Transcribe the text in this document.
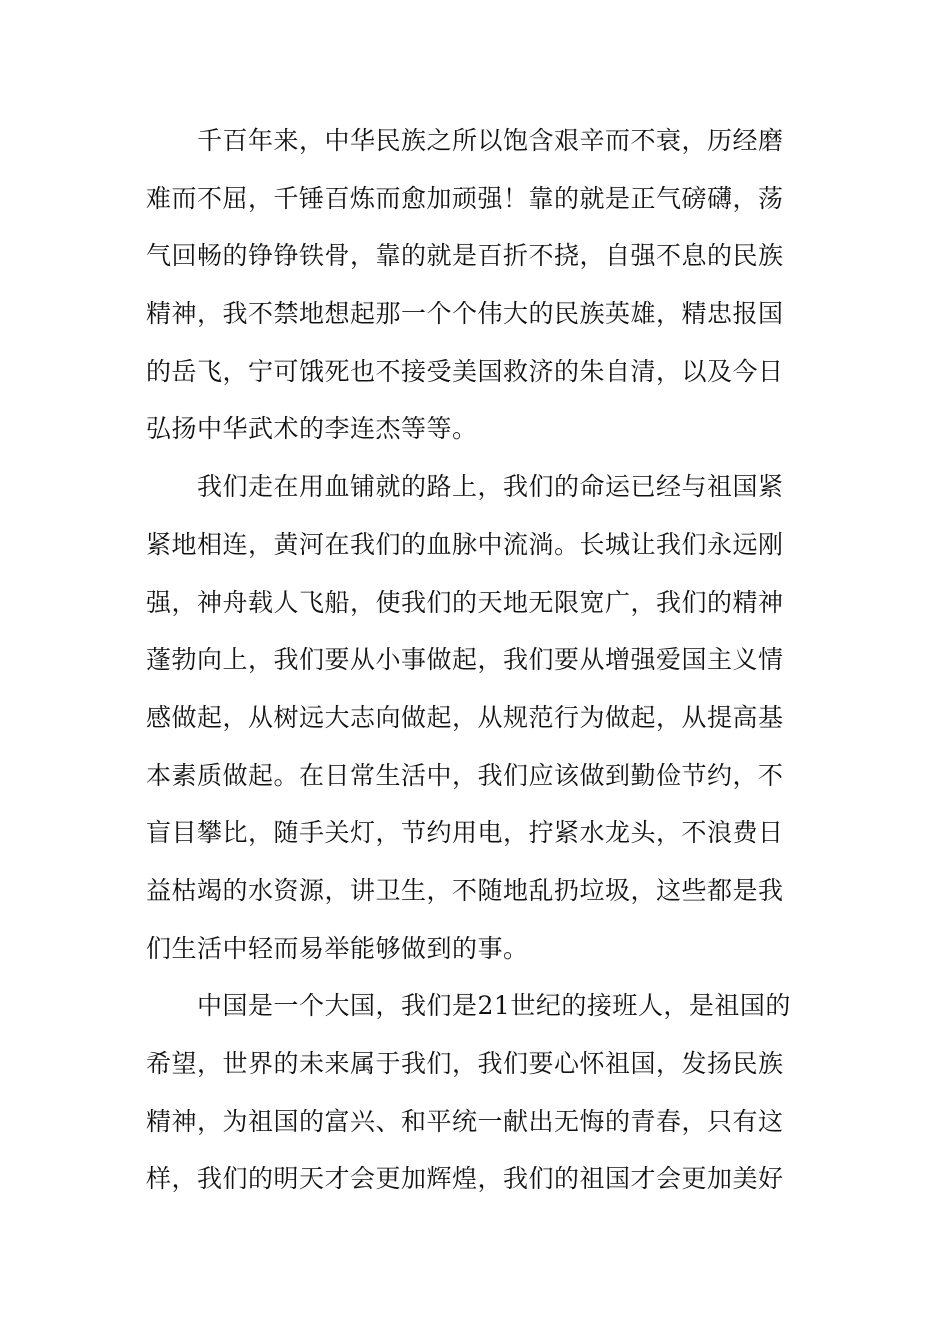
千百年来，中华民族之所以饱含艰辛而不衰，历经磨
难而不屈，千锤百炼而愈加顽强！靠的就是正气磅礴，荡
气回畅的铮铮铁骨，靠的就是百折不挠，自强不息的民族
精神，我不禁地想起那一个个伟大的民族英雄，精忠报国
的岳飞，宁可饿死也不接受美国救济的朱自清，以及今日
弘扬中华武术的李连杰等等。
我们走在用血铺就的路上，我们的命运已经与祖国紧
紧地相连，黄河在我们的血脉中流淌。长城让我们永远刚
强，神舟载人飞船，使我们的天地无限宽广，我们的精神
蓬勃向上，我们要从小事做起，我们要从增强爱国主义情
感做起，从树远大志向做起，从规范行为做起，从提高基
本素质做起。在日常生活中，我们应该做到勤俭节约，不
盲目攀比，随手关灯，节约用电，拧紧水龙头，不浪费日
益枯竭的水资源，讲卫生，不随地乱扔垃圾，这些都是我
们生活中轻而易举能够做到的事。
中国是一个大国，我们是21世纪的接班人，是祖国的
希望，世界的未来属于我们，我们要心怀祖国，发扬民族
精神，为祖国的富兴、和平统一献出无悔的青春，只有这
样，我们的明天才会更加辉煌，我们的祖国才会更加美好
